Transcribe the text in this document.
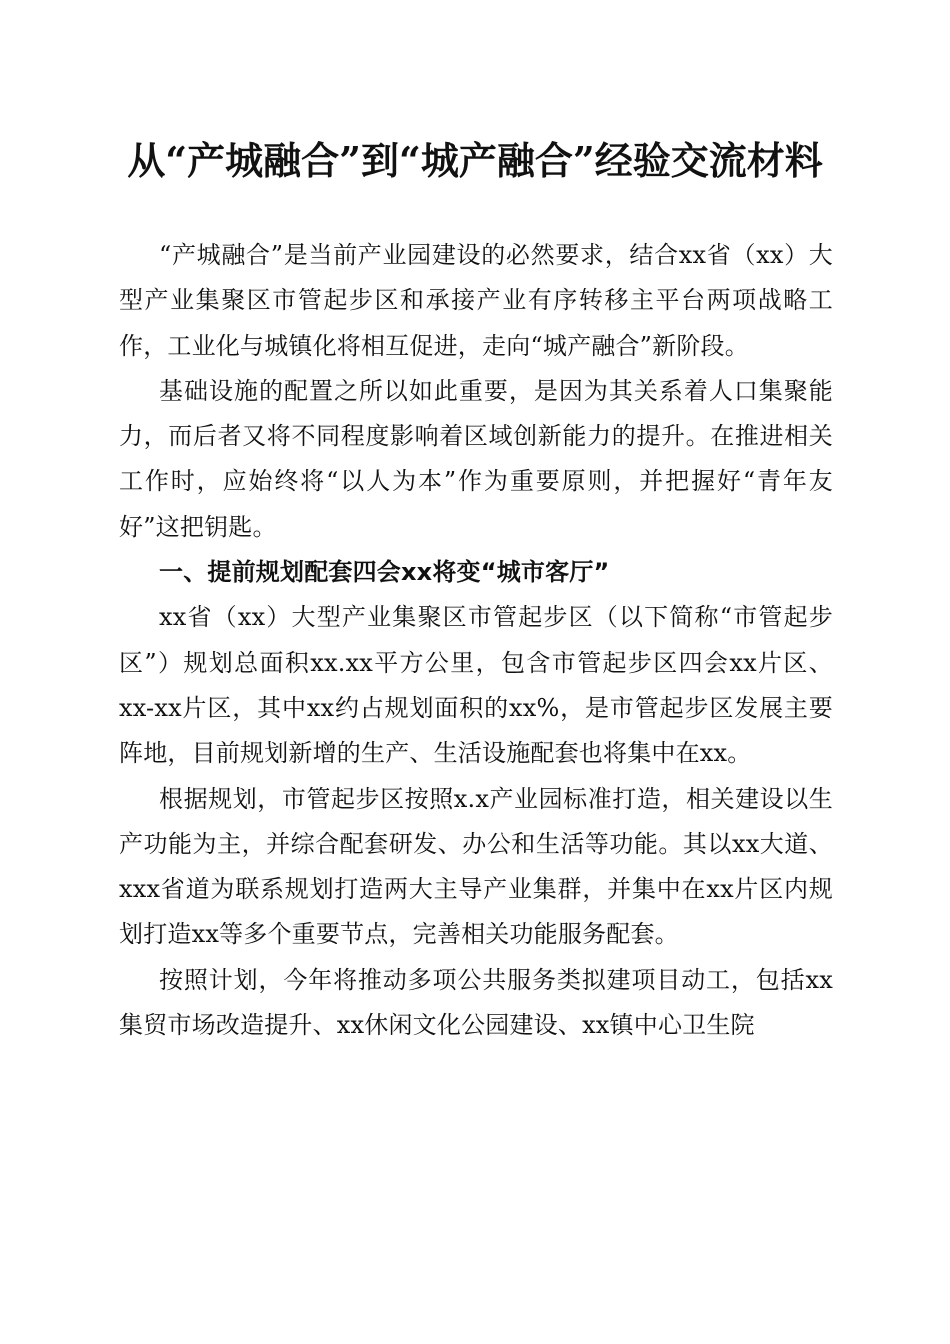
从“产城融合”到“城产融合”经验交流材料

“产城融合”是当前产业园建设的必然要求，结合xx省（xx）大型产业集聚区市管起步区和承接产业有序转移主平台两项战略工作，工业化与城镇化将相互促进，走向“城产融合”新阶段。

基础设施的配置之所以如此重要，是因为其关系着人口集聚能力，而后者又将不同程度影响着区域创新能力的提升。在推进相关工作时，应始终将“以人为本”作为重要原则，并把握好“青年友好”这把钥匙。

一、提前规划配套四会xx将变“城市客厅”

xx省（xx）大型产业集聚区市管起步区（以下简称“市管起步区”）规划总面积xx.xx平方公里，包含市管起步区四会xx片区、xx-xx片区，其中xx约占规划面积的xx%，是市管起步区发展主要阵地，目前规划新增的生产、生活设施配套也将集中在xx。

根据规划，市管起步区按照x.x产业园标准打造，相关建设以生产功能为主，并综合配套研发、办公和生活等功能。其以xx大道、xxx省道为联系规划打造两大主导产业集群，并集中在xx片区内规划打造xx等多个重要节点，完善相关功能服务配套。

按照计划，今年将推动多项公共服务类拟建项目动工，包括xx集贸市场改造提升、xx休闲文化公园建设、xx镇中心卫生院
